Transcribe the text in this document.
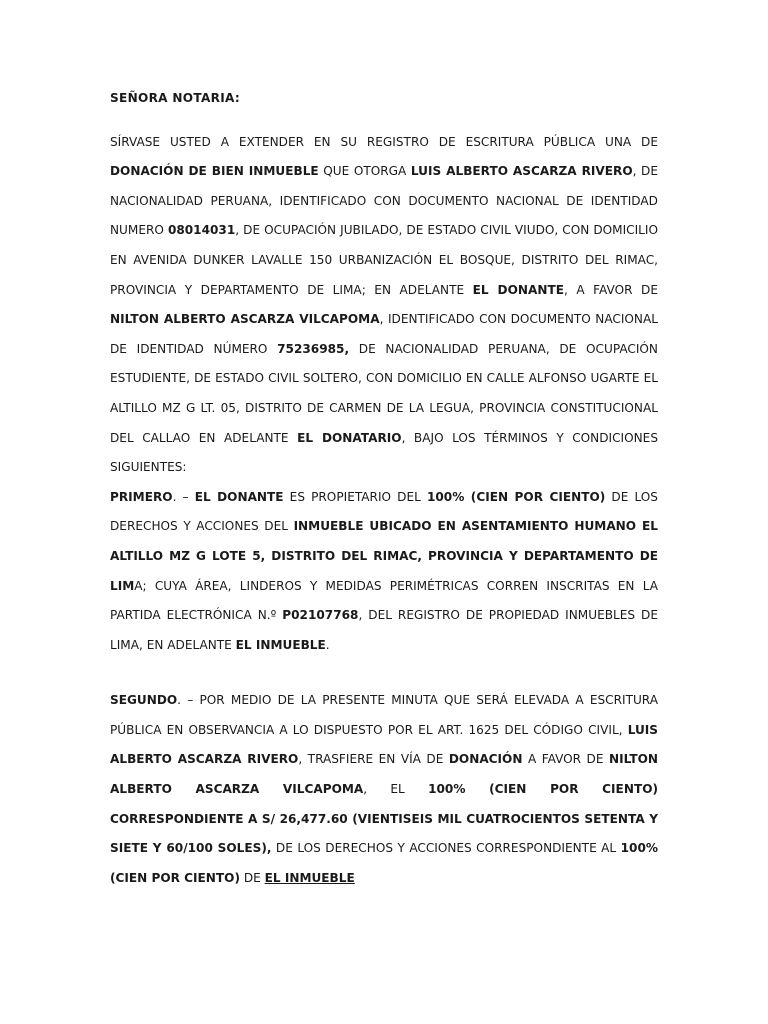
SEÑORA NOTARIA:

SÍRVASE USTED A EXTENDER EN SU REGISTRO DE ESCRITURA PÚBLICA UNA DE DONACIÓN DE BIEN INMUEBLE QUE OTORGA LUIS ALBERTO ASCARZA RIVERO, DE NACIONALIDAD PERUANA, IDENTIFICADO CON DOCUMENTO NACIONAL DE IDENTIDAD NUMERO 08014031, DE OCUPACIÓN JUBILADO, DE ESTADO CIVIL VIUDO, CON DOMICILIO EN AVENIDA DUNKER LAVALLE 150 URBANIZACIÓN EL BOSQUE, DISTRITO DEL RIMAC, PROVINCIA Y DEPARTAMENTO DE LIMA; EN ADELANTE EL DONANTE, A FAVOR DE NILTON ALBERTO ASCARZA VILCAPOMA, IDENTIFICADO CON DOCUMENTO NACIONAL DE IDENTIDAD NÚMERO 75236985, DE NACIONALIDAD PERUANA, DE OCUPACIÓN ESTUDIENTE, DE ESTADO CIVIL SOLTERO, CON DOMICILIO EN CALLE ALFONSO UGARTE EL ALTILLO MZ G LT. 05, DISTRITO DE CARMEN DE LA LEGUA, PROVINCIA CONSTITUCIONAL DEL CALLAO EN ADELANTE EL DONATARIO, BAJO LOS TÉRMINOS Y CONDICIONES SIGUIENTES:

PRIMERO. – EL DONANTE ES PROPIETARIO DEL 100% (CIEN POR CIENTO) DE LOS DERECHOS Y ACCIONES DEL INMUEBLE UBICADO EN ASENTAMIENTO HUMANO EL ALTILLO MZ G LOTE 5, DISTRITO DEL RIMAC, PROVINCIA Y DEPARTAMENTO DE LIMA; CUYA ÁREA, LINDEROS Y MEDIDAS PERIMÉTRICAS CORREN INSCRITAS EN LA PARTIDA ELECTRÓNICA N.º P02107768, DEL REGISTRO DE PROPIEDAD INMUEBLES DE LIMA, EN ADELANTE EL INMUEBLE.

SEGUNDO. – POR MEDIO DE LA PRESENTE MINUTA QUE SERÁ ELEVADA A ESCRITURA PÚBLICA EN OBSERVANCIA A LO DISPUESTO POR EL ART. 1625 DEL CÓDIGO CIVIL, LUIS ALBERTO ASCARZA RIVERO, TRASFIERE EN VÍA DE DONACIÓN A FAVOR DE NILTON ALBERTO ASCARZA VILCAPOMA, EL 100% (CIEN POR CIENTO) CORRESPONDIENTE A S/ 26,477.60 (VIENTISEIS MIL CUATROCIENTOS SETENTA Y SIETE Y 60/100 SOLES), DE LOS DERECHOS Y ACCIONES CORRESPONDIENTE AL 100% (CIEN POR CIENTO) DE EL INMUEBLE
